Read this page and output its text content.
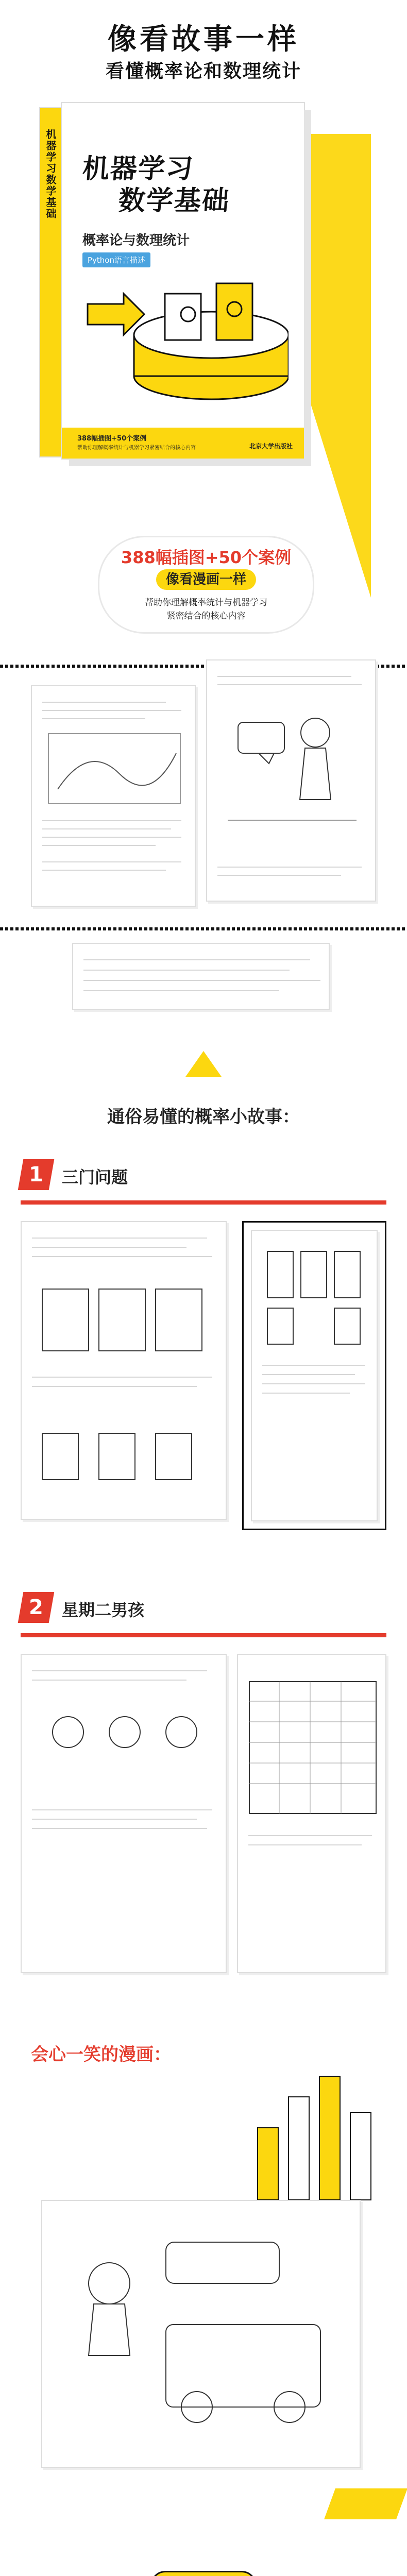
像看故事一样
看懂概率论和数理统计
机器学习数学基础 机器学习
数学基础
概率论与数理统计
Python语言描述
388幅插图+50个案例
帮助你理解概率统计与机器学习紧密结合的核心内容	北京大学出版社
388幅插图+50个案例
像看漫画一样
帮助你理解概率统计与机器学习
紧密结合的核心内容
通俗易懂的概率小故事：
1	三门问题
2	星期二男孩
会心一笑的漫画：
